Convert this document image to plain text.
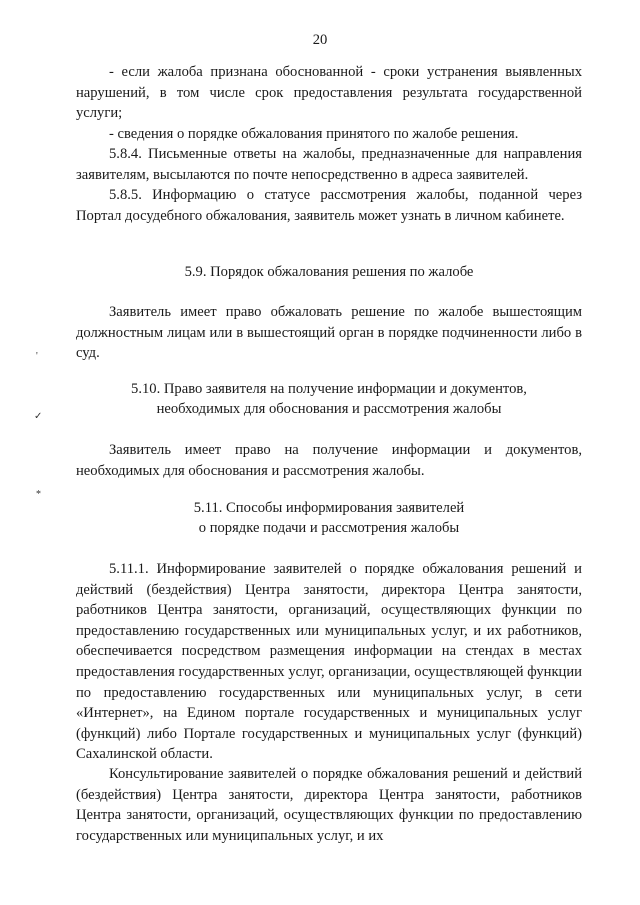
20

- если жалоба признана обоснованной - сроки устранения выявленных нарушений, в том числе срок предоставления результата государственной услуги;

- сведения о порядке обжалования принятого по жалобе решения.

5.8.4. Письменные ответы на жалобы, предназначенные для направления заявителям, высылаются по почте непосредственно в адреса заявителей.

5.8.5. Информацию о статусе рассмотрения жалобы, поданной через Портал досудебного обжалования, заявитель может узнать в личном кабинете.

5.9. Порядок обжалования решения по жалобе

Заявитель имеет право обжаловать решение по жалобе вышестоящим должностным лицам или в вышестоящий орган в порядке подчиненности либо в суд.

5.10. Право заявителя на получение информации и документов,

необходимых для обоснования и рассмотрения жалобы

Заявитель имеет право на получение информации и документов, необходимых для обоснования и рассмотрения жалобы.

5.11. Способы информирования заявителей

о порядке подачи и рассмотрения жалобы

5.11.1. Информирование заявителей о порядке обжалования решений и действий (бездействия) Центра занятости, директора Центра занятости, работников Центра занятости, организаций, осуществляющих функции по предоставлению государственных или муниципальных услуг, и их работников, обеспечивается посредством размещения информации на стендах в местах предоставления государственных услуг, организации, осуществляющей функции по предоставлению государственных или муниципальных услуг, в сети «Интернет», на Едином портале государственных и муниципальных услуг (функций) либо Портале государственных и муниципальных услуг (функций) Сахалинской области.

Консультирование заявителей о порядке обжалования решений и действий (бездействия) Центра занятости, директора Центра занятости, работников Центра занятости, организаций, осуществляющих функции по предоставлению государственных или муниципальных услуг, и их

'
✓
*
